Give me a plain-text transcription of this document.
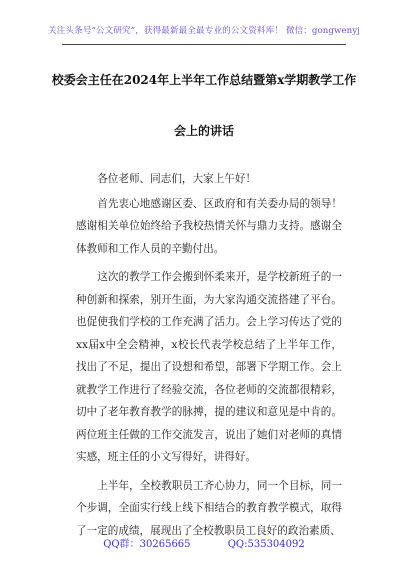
关注头条号“公文研究”，获得最新最全最专业的公文资料库！ 微信：gongwenyj
校委会主任在2024年上半年工作总结暨第x学期教学工作
会上的讲话

各位老师、同志们，大家上午好！

首先衷心地感谢区委、区政府和有关委办局的领导！感谢相关单位始终给予我校热情关怀与鼎力支持。感谢全体教师和工作人员的辛勤付出。

这次的教学工作会搬到怀柔来开，是学校新班子的一种创新和探索，别开生面，为大家沟通交流搭建了平台。也促使我们学校的工作充满了活力。会上学习传达了党的xx届x中全会精神，x校长代表学校总结了上半年工作，找出了不足，提出了设想和希望，部署下学期工作。会上就教学工作进行了经验交流，各位老师的交流都很精彩，切中了老年教育教学的脉搏，提的建议和意见是中肯的。两位班主任做的工作交流发言，说出了她们对老师的真情实感，班主任的小文写得好，讲得好。

上半年，全校教职员工齐心协力，同一个目标，同一个步调，全面实行线上线下相结合的教育教学模式，取得了一定的成绩，展现出了全校教职员工良好的政治素质、

QQ群：30265665	QQ:535304092
